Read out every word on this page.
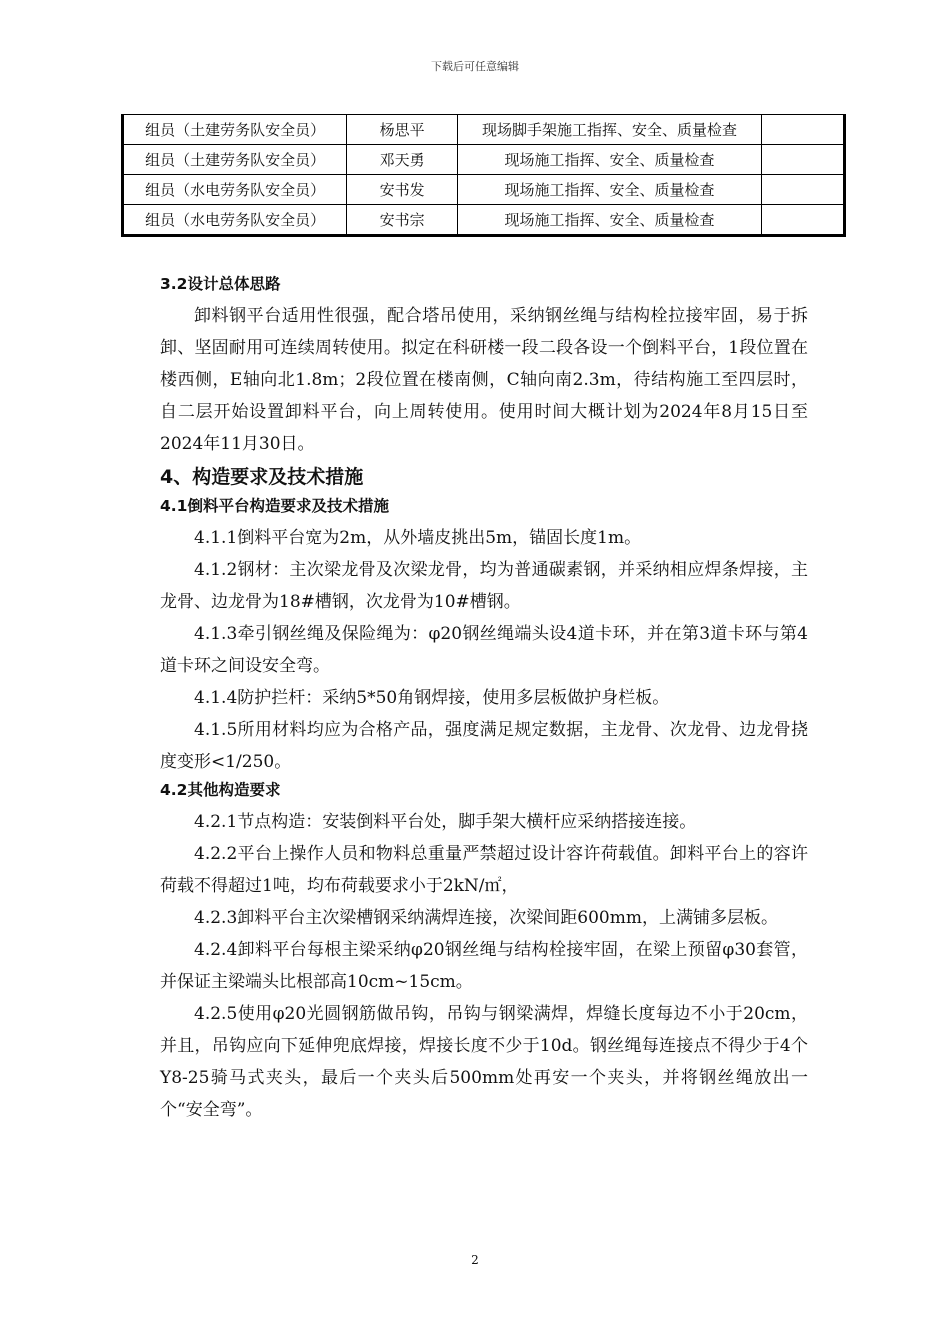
下载后可任意编辑
组员（土建劳务队安全员）	杨思平	现场脚手架施工指挥、安全、质量检查	
组员（土建劳务队安全员）	邓天勇	现场施工指挥、安全、质量检查	
组员（水电劳务队安全员）	安书发	现场施工指挥、安全、质量检查	
组员（水电劳务队安全员）	安书宗	现场施工指挥、安全、质量检查	
3.2设计总体思路

卸料钢平台适用性很强，配合塔吊使用，采纳钢丝绳与结构栓拉接牢固，易于拆卸、坚固耐用可连续周转使用。拟定在科研楼一段二段各设一个倒料平台，1段位置在楼西侧，E轴向北1.8m；2段位置在楼南侧，C轴向南2.3m，待结构施工至四层时，自二层开始设置卸料平台，向上周转使用。使用时间大概计划为2024年8月15日至2024年11月30日。

4、构造要求及技术措施
4.1倒料平台构造要求及技术措施

4.1.1倒料平台宽为2m，从外墙皮挑出5m，锚固长度1m。

4.1.2钢材：主次梁龙骨及次梁龙骨，均为普通碳素钢，并采纳相应焊条焊接，主龙骨、边龙骨为18#槽钢，次龙骨为10#槽钢。

4.1.3牵引钢丝绳及保险绳为：φ20钢丝绳端头设4道卡环，并在第3道卡环与第4道卡环之间设安全弯。

4.1.4防护拦杆：采纳5*50角钢焊接，使用多层板做护身栏板。

4.1.5所用材料均应为合格产品，强度满足规定数据，主龙骨、次龙骨、边龙骨挠度变形<1/250。

4.2其他构造要求

4.2.1节点构造：安装倒料平台处，脚手架大横杆应采纳搭接连接。

4.2.2平台上操作人员和物料总重量严禁超过设计容许荷载值。卸料平台上的容许荷载不得超过1吨，均布荷载要求小于2kN/㎡，

4.2.3卸料平台主次梁槽钢采纳满焊连接，次梁间距600mm，上满铺多层板。

4.2.4卸料平台每根主梁采纳φ20钢丝绳与结构栓接牢固，在梁上预留φ30套管，并保证主梁端头比根部高10cm~15cm。

4.2.5使用φ20光圆钢筋做吊钩，吊钩与钢梁满焊，焊缝长度每边不小于20cm，并且，吊钩应向下延伸兜底焊接，焊接长度不少于10d。钢丝绳每连接点不得少于4个Y8-25骑马式夹头，最后一个夹头后500mm处再安一个夹头，并将钢丝绳放出一个“安全弯”。

2
